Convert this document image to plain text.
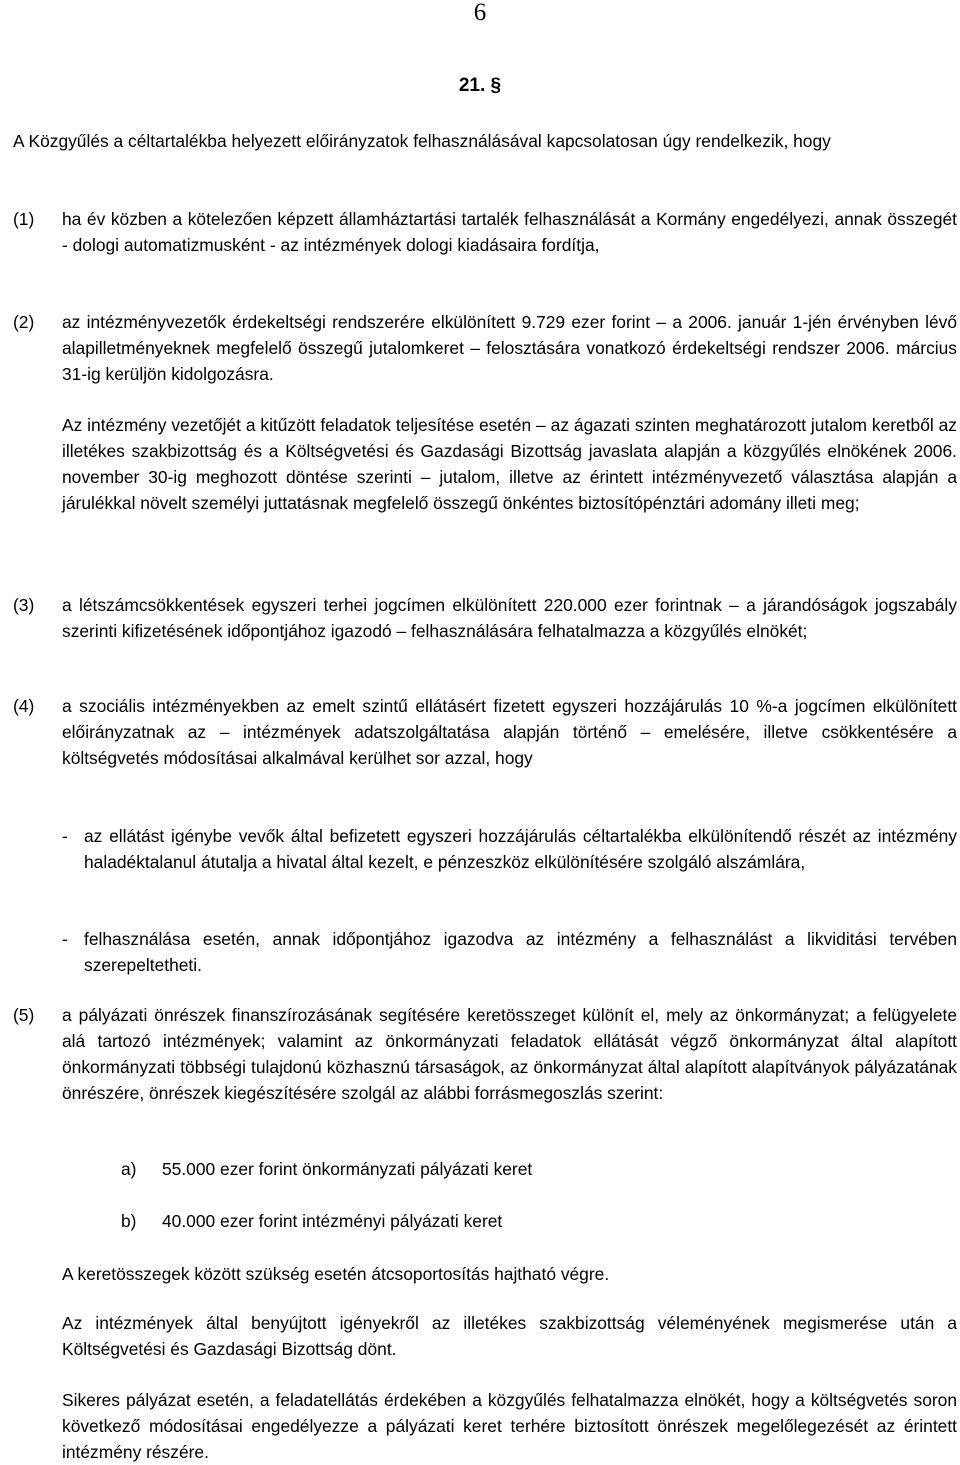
6
21. §
A Közgyűlés a céltartalékba helyezett előirányzatok felhasználásával kapcsolatosan úgy rendelkezik, hogy
(1) ha év közben a kötelezően képzett államháztartási tartalék felhasználását a Kormány engedélyezi, annak összegét - dologi automatizmusként - az intézmények dologi kiadásaira fordítja,
(2) az intézményvezetők érdekeltségi rendszerére elkülönített 9.729 ezer forint – a 2006. január 1-jén érvényben lévő alapilletményeknek megfelelő összegű jutalomkeret – felosztására vonatkozó érdekeltségi rendszer 2006. március 31-ig kerüljön kidolgozásra.
Az intézmény vezetőjét a kitűzött feladatok teljesítése esetén – az ágazati szinten meghatározott jutalom keretből az illetékes szakbizottság és a Költségvetési és Gazdasági Bizottság javaslata alapján a közgyűlés elnökének 2006. november 30-ig meghozott döntése szerinti – jutalom, illetve az érintett intézményvezető választása alapján a járulékkal növelt személyi juttatásnak megfelelő összegű önkéntes biztosítópénztári adomány illeti meg;
(3) a létszámcsökkentések egyszeri terhei jogcímen elkülönített 220.000 ezer forintnak – a járandóságok jogszabály szerinti kifizetésének időpontjához igazodó – felhasználására felhatalmazza a közgyűlés elnökét;
(4) a szociális intézményekben az emelt szintű ellátásért fizetett egyszeri hozzájárulás 10 %-a jogcímen elkülönített előirányzatnak az – intézmények adatszolgáltatása alapján történő – emelésére, illetve csökkentésére a költségvetés módosításai alkalmával kerülhet sor azzal, hogy
- az ellátást igénybe vevők által befizetett egyszeri hozzájárulás céltartalékba elkülönítendő részét az intézmény haladéktalanul átutalja a hivatal által kezelt, e pénzeszköz elkülönítésére szolgáló alszámlára,
- felhasználása esetén, annak időpontjához igazodva az intézmény a felhasználást a likviditási tervében szerepeltetheti.
(5) a pályázati önrészek finanszírozásának segítésére keretösszeget különít el, mely az önkormányzat; a felügyelete alá tartozó intézmények; valamint az önkormányzati feladatok ellátását végző önkormányzat által alapított önkormányzati többségi tulajdonú közhasznú társaságok, az önkormányzat által alapított alapítványok pályázatának önrészére, önrészek kiegészítésére szolgál az alábbi forrásmegoszlás szerint:
a) 55.000 ezer forint önkormányzati pályázati keret
b) 40.000 ezer forint intézményi pályázati keret
A keretösszegek között szükség esetén átcsoportosítás hajtható végre.
Az intézmények által benyújtott igényekről az illetékes szakbizottság véleményének megismerése után a Költségvetési és Gazdasági Bizottság dönt.
Sikeres pályázat esetén, a feladatellátás érdekében a közgyűlés felhatalmazza elnökét, hogy a költségvetés soron következő módosításai engedélyezze a pályázati keret terhére biztosított önrészek megelőlegezését az érintett intézmény részére.
